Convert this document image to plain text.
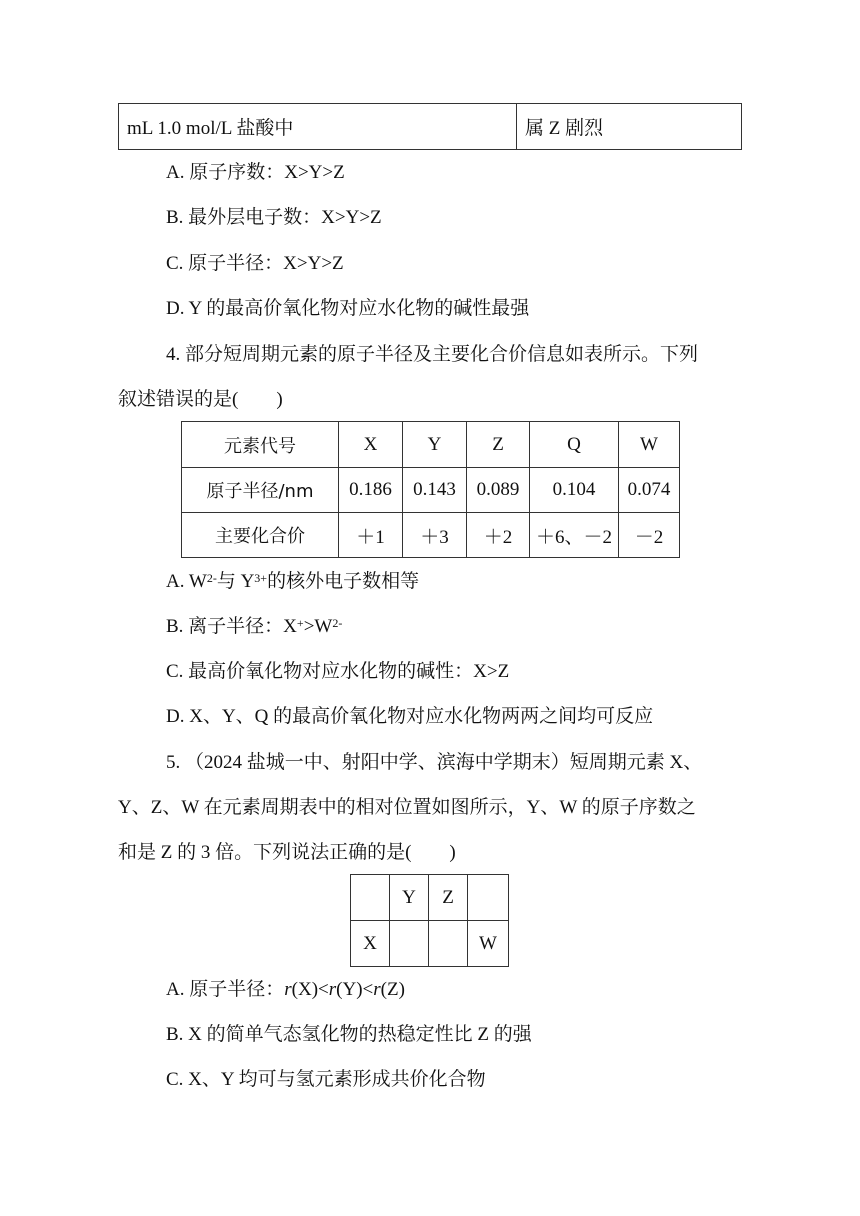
mL 1.0 mol/L 盐酸中	属 Z 剧烈
A. 原子序数：X>Y>Z
B. 最外层电子数：X>Y>Z
C. 原子半径：X>Y>Z
D. Y 的最高价氧化物对应水化物的碱性最强
4. 部分短周期元素的原子半径及主要化合价信息如表所示。下列
叙述错误的是(　　)
元素代号	X	Y	Z	Q	W
原子半径/nm	0.186	0.143	0.089	0.104	0.074
主要化合价	＋1	＋3	＋2	＋6、－2	－2
A. $W^{2-}$与 $Y^{3+}$的核外电子数相等
B. 离子半径：$X^+>W^{2-}$
C. 最高价氧化物对应水化物的碱性：X>Z
D. X、Y、Q 的最高价氧化物对应水化物两两之间均可反应
5. （2024 盐城一中、射阳中学、滨海中学期末）短周期元素 X、
Y、Z、W 在元素周期表中的相对位置如图所示，Y、W 的原子序数之
和是 Z 的 3 倍。下列说法正确的是(　　)
	Y	Z	
X			W
A. 原子半径：r(X)<r(Y)<r(Z)
B. X 的简单气态氢化物的热稳定性比 Z 的强
C. X、Y 均可与氢元素形成共价化合物
